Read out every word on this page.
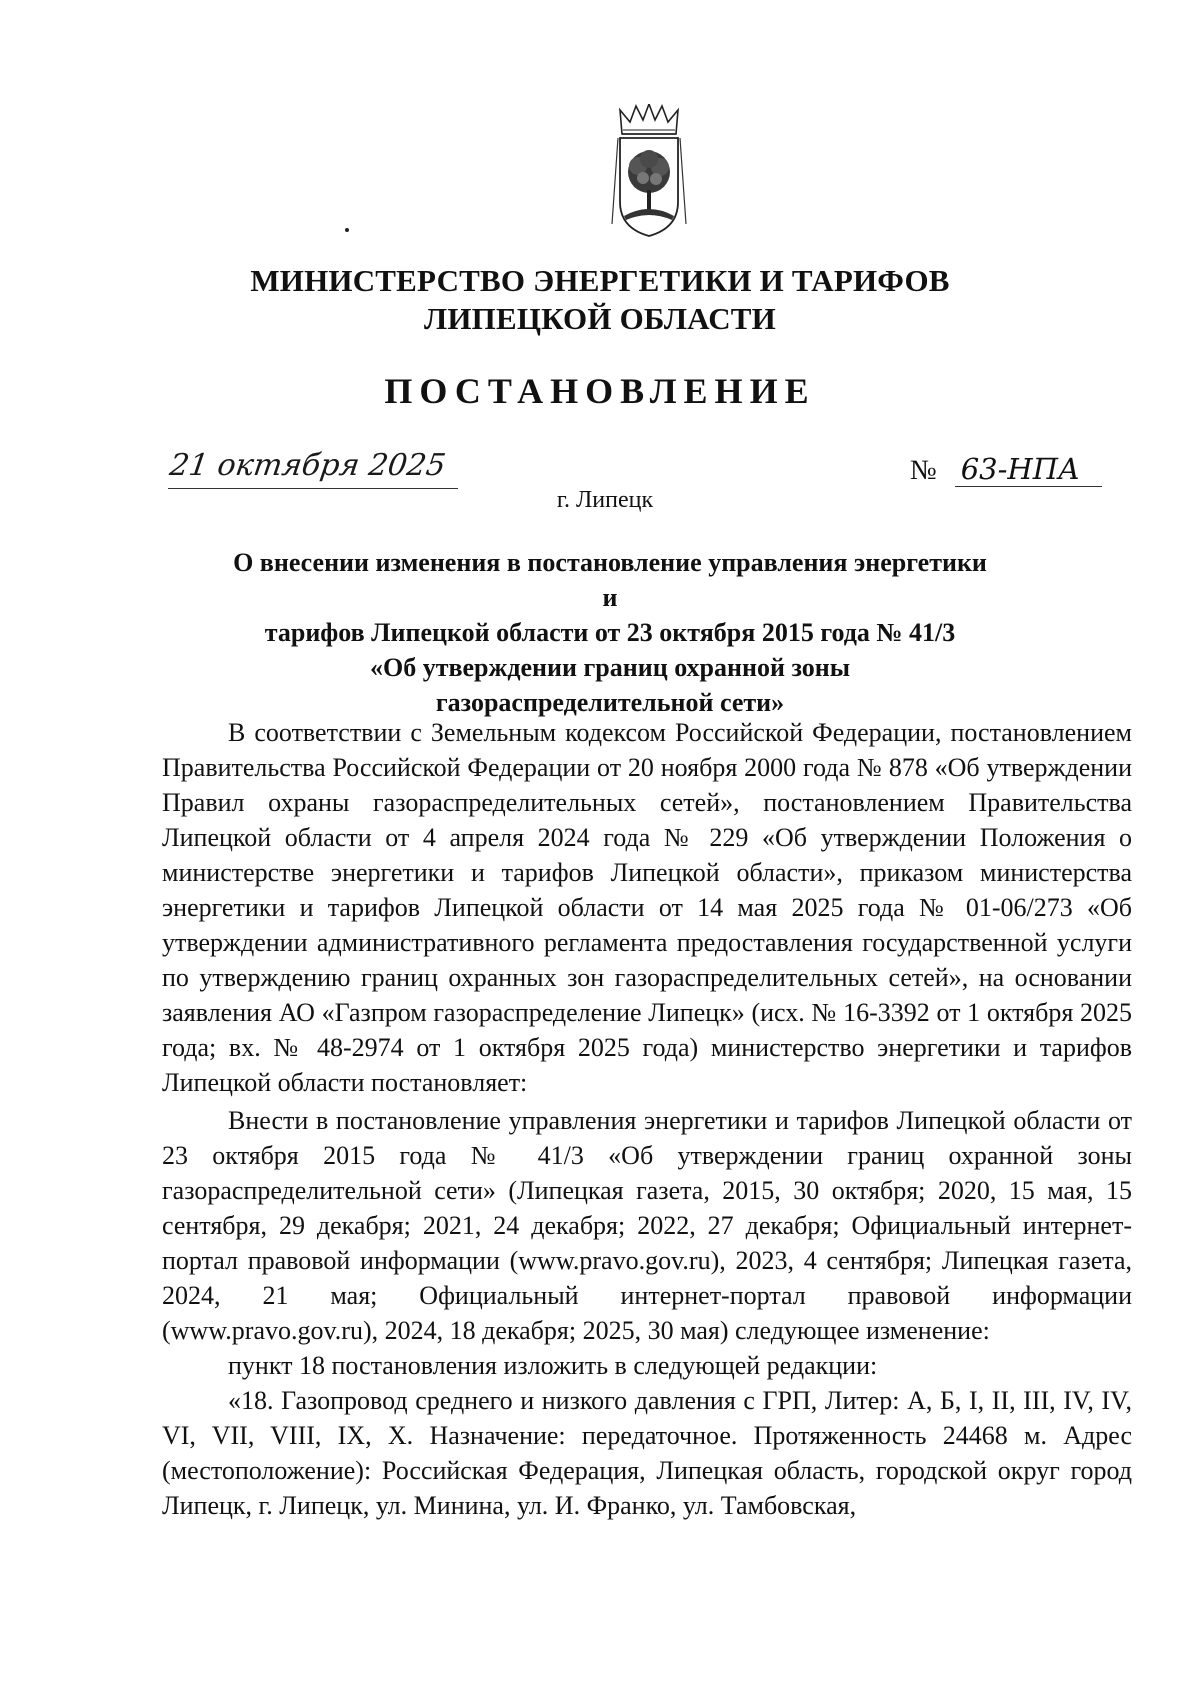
МИНИСТЕРСТВО ЭНЕРГЕТИКИ И ТАРИФОВ
ЛИПЕЦКОЙ ОБЛАСТИ
ПОСТАНОВЛЕНИЕ
21 октября 2025	№ 63-НПА
г. Липецк
О внесении изменения в постановление управления энергетики и
тарифов Липецкой области от 23 октября 2015 года № 41/3
«Об утверждении границ охранной зоны
газораспределительной сети»

В соответствии с Земельным кодексом Российской Федерации, постановлением Правительства Российской Федерации от 20 ноября 2000 года № 878 «Об утверждении Правил охраны газораспределительных сетей», постановлением Правительства Липецкой области от 4 апреля 2024 года № 229 «Об утверждении Положения о министерстве энергетики и тарифов Липецкой области», приказом министерства энергетики и тарифов Липецкой области от 14 мая 2025 года № 01-06/273 «Об утверждении административного регламента предоставления государственной услуги по утверждению границ охранных зон газораспределительных сетей», на основании заявления АО «Газпром газораспределение Липецк» (исх. № 16-3392 от 1 октября 2025 года; вх. № 48-2974 от 1 октября 2025 года) министерство энергетики и тарифов Липецкой области постановляет:

Внести в постановление управления энергетики и тарифов Липецкой области от 23 октября 2015 года № 41/3 «Об утверждении границ охранной зоны газораспределительной сети» (Липецкая газета, 2015, 30 октября; 2020, 15 мая, 15 сентября, 29 декабря; 2021, 24 декабря; 2022, 27 декабря; Официальный интернет-портал правовой информации (www.pravo.gov.ru), 2023, 4 сентября; Липецкая газета, 2024, 21 мая; Официальный интернет-портал правовой информации (www.pravo.gov.ru), 2024, 18 декабря; 2025, 30 мая) следующее изменение:

пункт 18 постановления изложить в следующей редакции:

«18. Газопровод среднего и низкого давления с ГРП, Литер: А, Б, I, II, III, IV, IV, VI, VII, VIII, IX, X. Назначение: передаточное. Протяженность 24468 м. Адрес (местоположение): Российская Федерация, Липецкая область, городской округ город Липецк, г. Липецк, ул. Минина, ул. И. Франко, ул. Тамбовская,
